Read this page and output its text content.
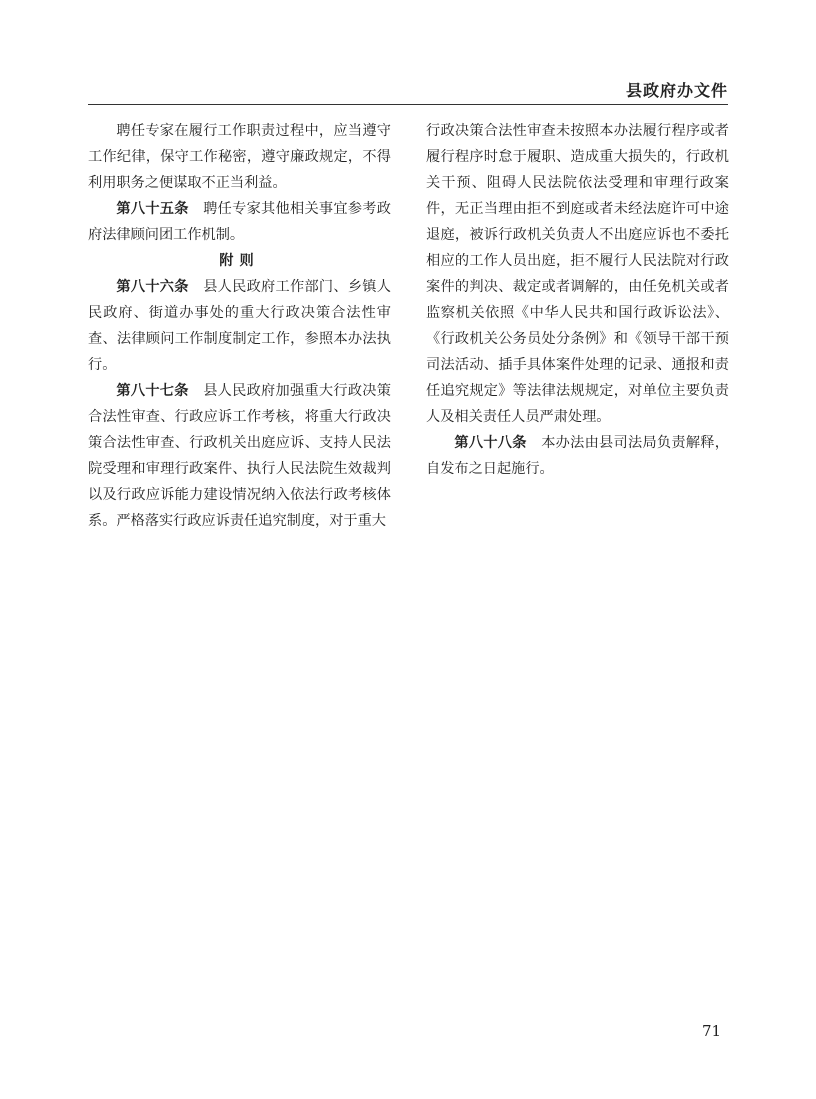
县政府办文件

聘任专家在履行工作职责过程中，应当遵守工作纪律，保守工作秘密，遵守廉政规定，不得利用职务之便谋取不正当利益。

第八十五条　 聘任专家其他相关事宜参考政府法律顾问团工作机制。

附则

第八十六条　 县人民政府工作部门、乡镇人民政府、街道办事处的重大行政决策合法性审查、法律顾问工作制度制定工作，参照本办法执行。

第八十七条　 县人民政府加强重大行政决策合法性审查、行政应诉工作考核，将重大行政决策合法性审查、行政机关出庭应诉、支持人民法院受理和审理行政案件、执行人民法院生效裁判以及行政应诉能力建设情况纳入依法行政考核体系。严格落实行政应诉责任追究制度，对于重大

行政决策合法性审查未按照本办法履行程序或者履行程序时怠于履职、造成重大损失的，行政机关干预、阻碍人民法院依法受理和审理行政案件，无正当理由拒不到庭或者未经法庭许可中途退庭，被诉行政机关负责人不出庭应诉也不委托相应的工作人员出庭，拒不履行人民法院对行政案件的判决、裁定或者调解的，由任免机关或者监察机关依照《中华人民共和国行政诉讼法》、《行政机关公务员处分条例》和《领导干部干预司法活动、插手具体案件处理的记录、通报和责任追究规定》等法律法规规定，对单位主要负责人及相关责任人员严肃处理。

第八十八条　 本办法由县司法局负责解释，自发布之日起施行。

71
